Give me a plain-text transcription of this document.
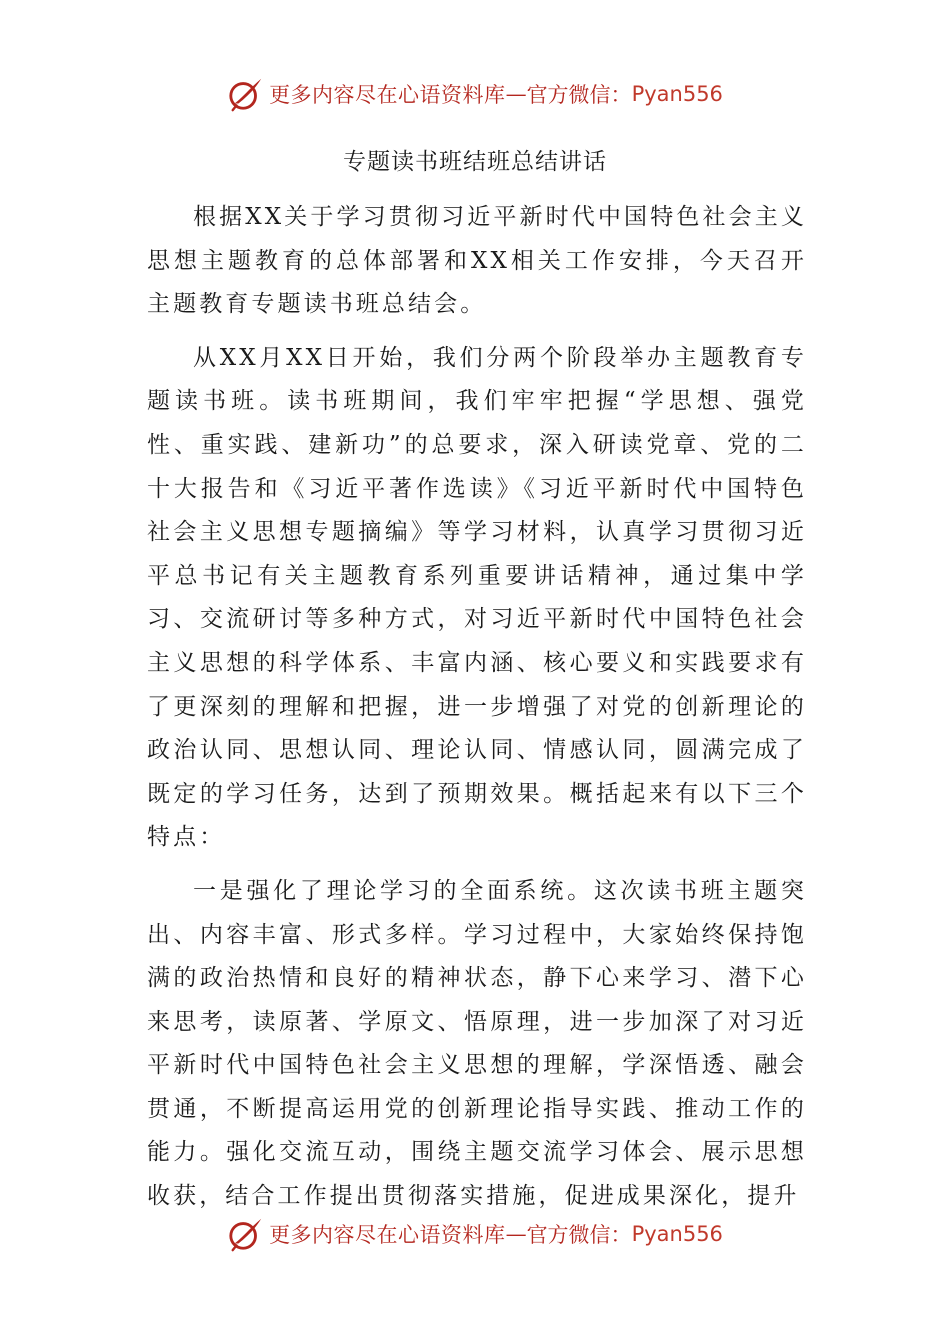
更多内容尽在心语资料库 — 官方微信： Pyan556
专题读书班结班总结讲话

根据XX关于学习贯彻习近平新时代中国特色社会主义思想主题教育的总体部署和XX相关工作安排，今天召开主题教育专题读书班总结会。

从XX月XX日开始，我们分两个阶段举办主题教育专题读书班。读书班期间，我们牢牢把握“学思想、强党性、重实践、建新功”的总要求，深入研读党章、党的二十大报告和《习近平著作选读》《习近平新时代中国特色社会主义思想专题摘编》等学习材料，认真学习贯彻习近平总书记有关主题教育系列重要讲话精神，通过集中学习、交流研讨等多种方式，对习近平新时代中国特色社会主义思想的科学体系、丰富内涵、核心要义和实践要求有了更深刻的理解和把握，进一步增强了对党的创新理论的政治认同、思想认同、理论认同、情感认同，圆满完成了既定的学习任务，达到了预期效果。概括起来有以下三个特点：

一是强化了理论学习的全面系统。这次读书班主题突出、内容丰富、形式多样。学习过程中，大家始终保持饱满的政治热情和良好的精神状态，静下心来学习、潜下心来思考，读原著、学原文、悟原理，进一步加深了对习近平新时代中国特色社会主义思想的理解，学深悟透、融会贯通，不断提高运用党的创新理论指导实践、推动工作的能力。强化交流互动，围绕主题交流学习体会、展示思想收获，结合工作提出贯彻落实措施，促进成果深化，提升

更多内容尽在心语资料库 — 官方微信： Pyan556
